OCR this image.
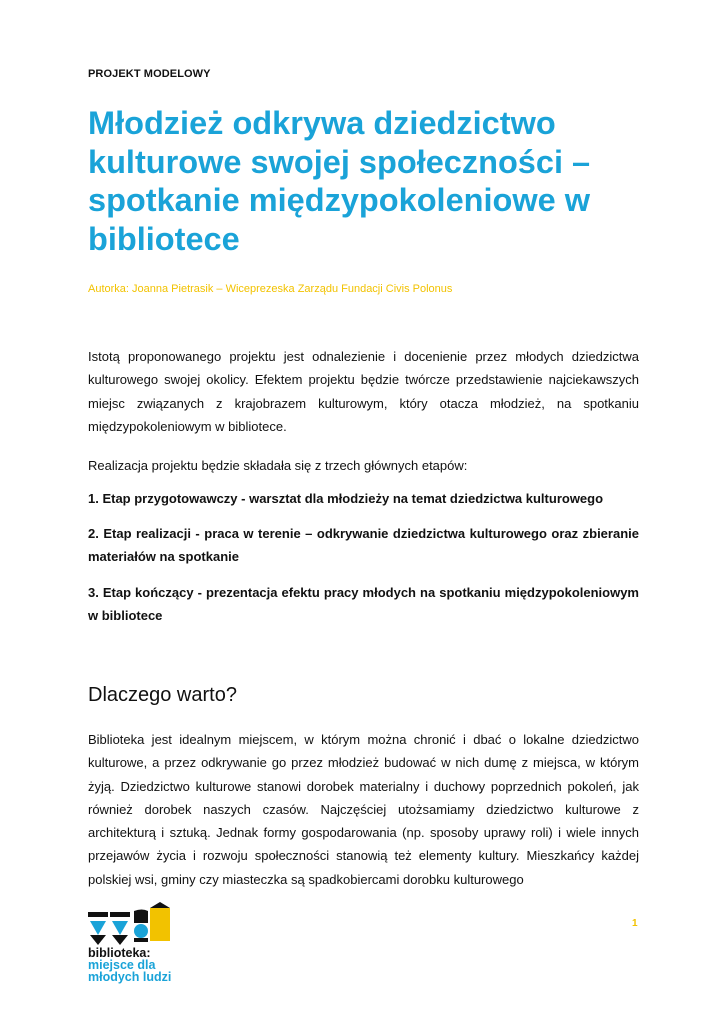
PROJEKT MODELOWY
Młodzież odkrywa dziedzictwo kulturowe swojej społeczności – spotkanie międzypokoleniowe w bibliotece
Autorka: Joanna Pietrasik – Wiceprezeska Zarządu Fundacji Civis Polonus

Istotą proponowanego projektu jest odnalezienie i docenienie przez młodych dziedzictwa kulturowego swojej okolicy. Efektem projektu będzie twórcze przedstawienie najciekawszych miejsc związanych z krajobrazem kulturowym, który otacza młodzież, na spotkaniu międzypokoleniowym w bibliotece.

Realizacja projektu będzie składała się z trzech głównych etapów:

1. Etap przygotowawczy - warsztat dla młodzieży na temat dziedzictwa kulturowego

2. Etap realizacji - praca w terenie – odkrywanie dziedzictwa kulturowego oraz zbieranie materiałów na spotkanie

3. Etap kończący - prezentacja efektu pracy młodych na spotkaniu międzypokoleniowym w bibliotece

Dlaczego warto?

Biblioteka jest idealnym miejscem, w którym można chronić i dbać o lokalne dziedzictwo kulturowe, a przez odkrywanie go przez młodzież budować w nich dumę z miejsca, w którym żyją. Dziedzictwo kulturowe stanowi dorobek materialny i duchowy poprzednich pokoleń, jak również dorobek naszych czasów. Najczęściej utożsamiamy dziedzictwo kulturowe z architekturą i sztuką. Jednak formy gospodarowania (np. sposoby uprawy roli) i wiele innych przejawów życia i rozwoju społeczności stanowią też elementy kultury. Mieszkańcy każdej polskiej wsi, gminy czy miasteczka są spadkobiercami dorobku kulturowego

1
biblioteka:
miejsce dla
młodych ludzi
